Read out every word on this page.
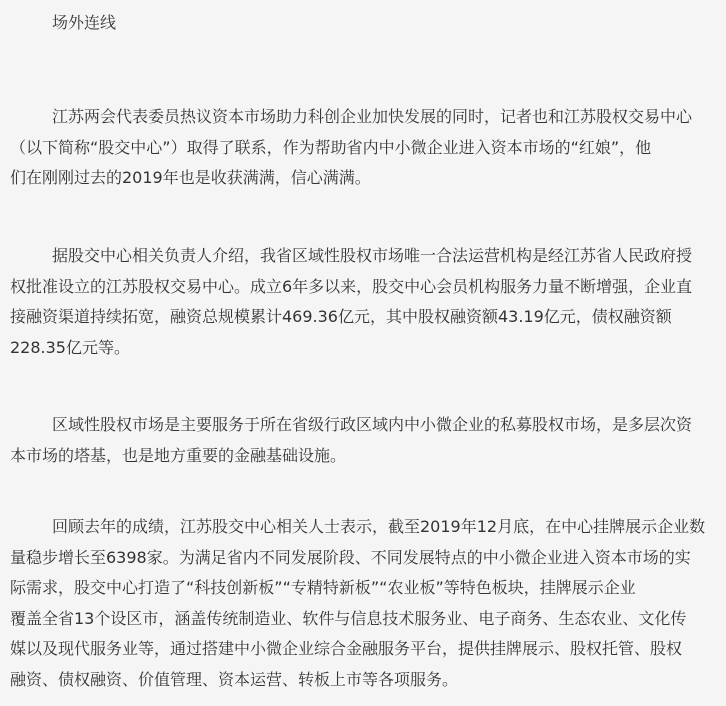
场外连线

江苏两会代表委员热议资本市场助力科创企业加快发展的同时，记者也和江苏股权交易中心
（以下简称“股交中心”）取得了联系，作为帮助省内中小微企业进入资本市场的“红娘”，他
们在刚刚过去的2019年也是收获满满，信心满满。

据股交中心相关负责人介绍，我省区域性股权市场唯一合法运营机构是经江苏省人民政府授
权批准设立的江苏股权交易中心。成立6年多以来，股交中心会员机构服务力量不断增强，企业直
接融资渠道持续拓宽，融资总规模累计469.36亿元，其中股权融资额43.19亿元，债权融资额
228.35亿元等。

区域性股权市场是主要服务于所在省级行政区域内中小微企业的私募股权市场，是多层次资
本市场的塔基，也是地方重要的金融基础设施。

回顾去年的成绩，江苏股交中心相关人士表示，截至2019年12月底，在中心挂牌展示企业数
量稳步增长至6398家。为满足省内不同发展阶段、不同发展特点的中小微企业进入资本市场的实
际需求，股交中心打造了“科技创新板”“专精特新板”“农业板”等特色板块，挂牌展示企业
覆盖全省13个设区市，涵盖传统制造业、软件与信息技术服务业、电子商务、生态农业、文化传
媒以及现代服务业等，通过搭建中小微企业综合金融服务平台，提供挂牌展示、股权托管、股权
融资、债权融资、价值管理、资本运营、转板上市等各项服务。
